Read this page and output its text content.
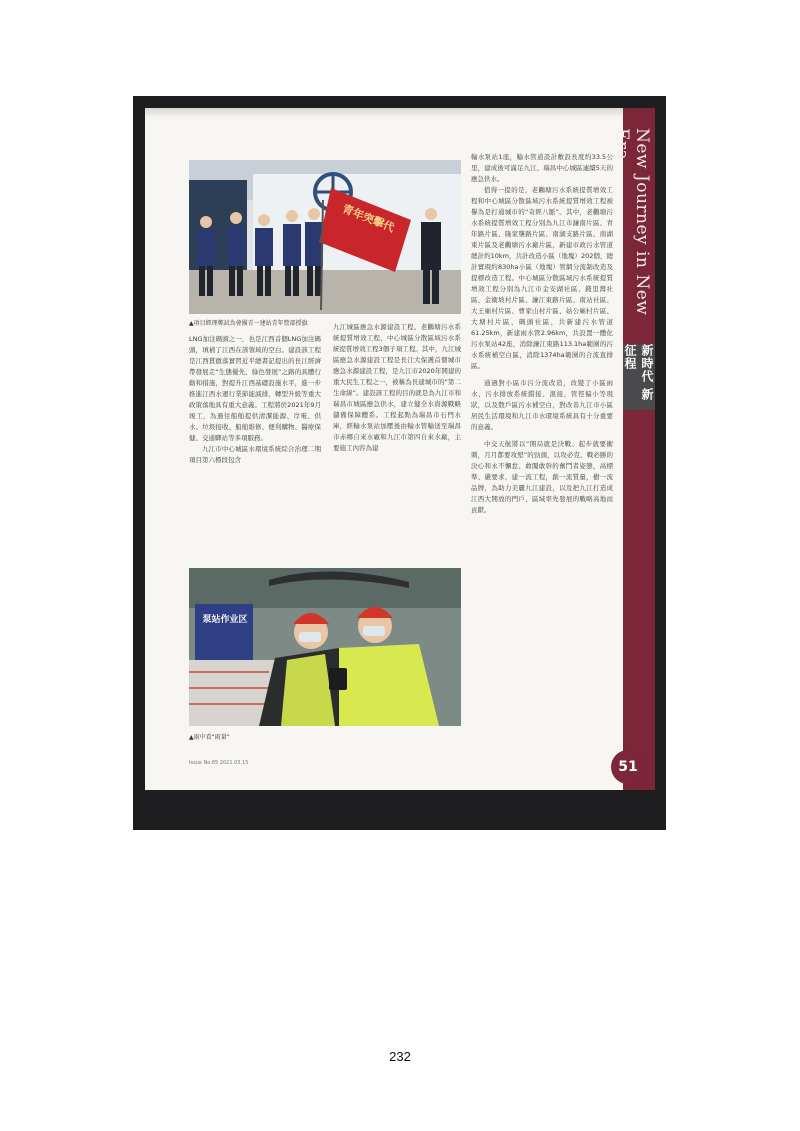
青年突擊代
▲項目經理鄭試為會團青一建站青年營部授旗

LNG加注碼頭之一，也是江西首個LNG加注碼頭，填補了江西在該領域的空白。建設該工程是江西貫徹落實習近平總書記提出的長江經濟帶發展走“生態優先、綠色發展”之路的具體行動和措施，對提升江西基礎設施水平，進一步推進江西水運行業節能減排，轉型升級等重大政策落地具有重大意義。工程將於2021年9月竣工，為過往船舶提供清潔能源、岸電、供水、垃圾接收、船舶維修、便利購物、醫療保健、交通驛站等多項服務。

九江市中心城區水環境系統綜合治理二期項目第六標段包含

九江城區應急水源建設工程、老鸛塘污水系統提質增效工程、中心城區分散區域污水系統提質增效工程3個子項工程。其中，九江城區應急水源建設工程是長江大保護首個城市應急水源建設工程，是九江市2020年開建的重大民生工程之一，被稱為長建城市的“第二生命線”。建設該工程的目的就是為九江市和瑞昌市城區應急供水，建立健全水資源戰略儲備保障體系。工程起點為瑞昌市石門水庫，經輸水泵站加壓後由輸水管輸送至瑞昌市赤鄉自來水廠和九江市第四自來水廠，主要施工內容為建

泵站作业区
▲雨中看“雨量”

輸水泵站1座，輸水管道設計敷設長度約33.5公里，建成後可滿足九江、瑞昌中心城區連續5天的應急供水。

值得一提的是，老鸛塘污水系統提質增效工程和中心城區分散區域污水系統提質增效工程被譽為是打通城市的“奇經八脈”。其中，老鸛塘污水系統提質增效工程分別為九江市濂南片區、青年路片區、隆家壟路片區、南湖支路片區、南湖東片區及老鸛塘污水廠片區，新建市政污水管道總計約10km，共計改造小區（地塊）202個，總計實現約830ha小區（地塊）管網分流制改造及提標改造工程。中心城區分散區域污水系統提質增效工程分別為九江市金安湖社區、錢里灣社區、金衛坡村片區、濂江東路片區、南站社區、大王廟村片區、曹家山村片區、姑公廟村片區、大塘村片區、碼頭社區，共新建污水管道61.25km，新建雨水管2.96km，共設置一體化污水泵站42座，消除濂江東路113.1ha範圍的污水系統補空白區，消除1374ha範圍的合流直排區。

通過對小區市污分流改造，改變了小區雨水、污水排放系統錯接、混接，管徑偏小等現狀，以及散戶區污水補空白，對改善九江市小區居民生活環境和九江市水環境系統具有十分重要的意義。

中交天航將以“開局就是決戰、起步就要衝刺，月月都要攻堅”的勁頭，以攻必克、戰必勝的決心和永不懈怠、敢闖敢幹的奮鬥者姿態，高標準、嚴要求，建一流工程，創一流質量，樹一流品牌，為助力美麗九江建設，以及把九江打造成江西大開放的門戶，區域率先發展的戰略高地而貢獻。

Issue No.85 2021.03.15
New Journey in New Era
新時代 新征程
51
232
